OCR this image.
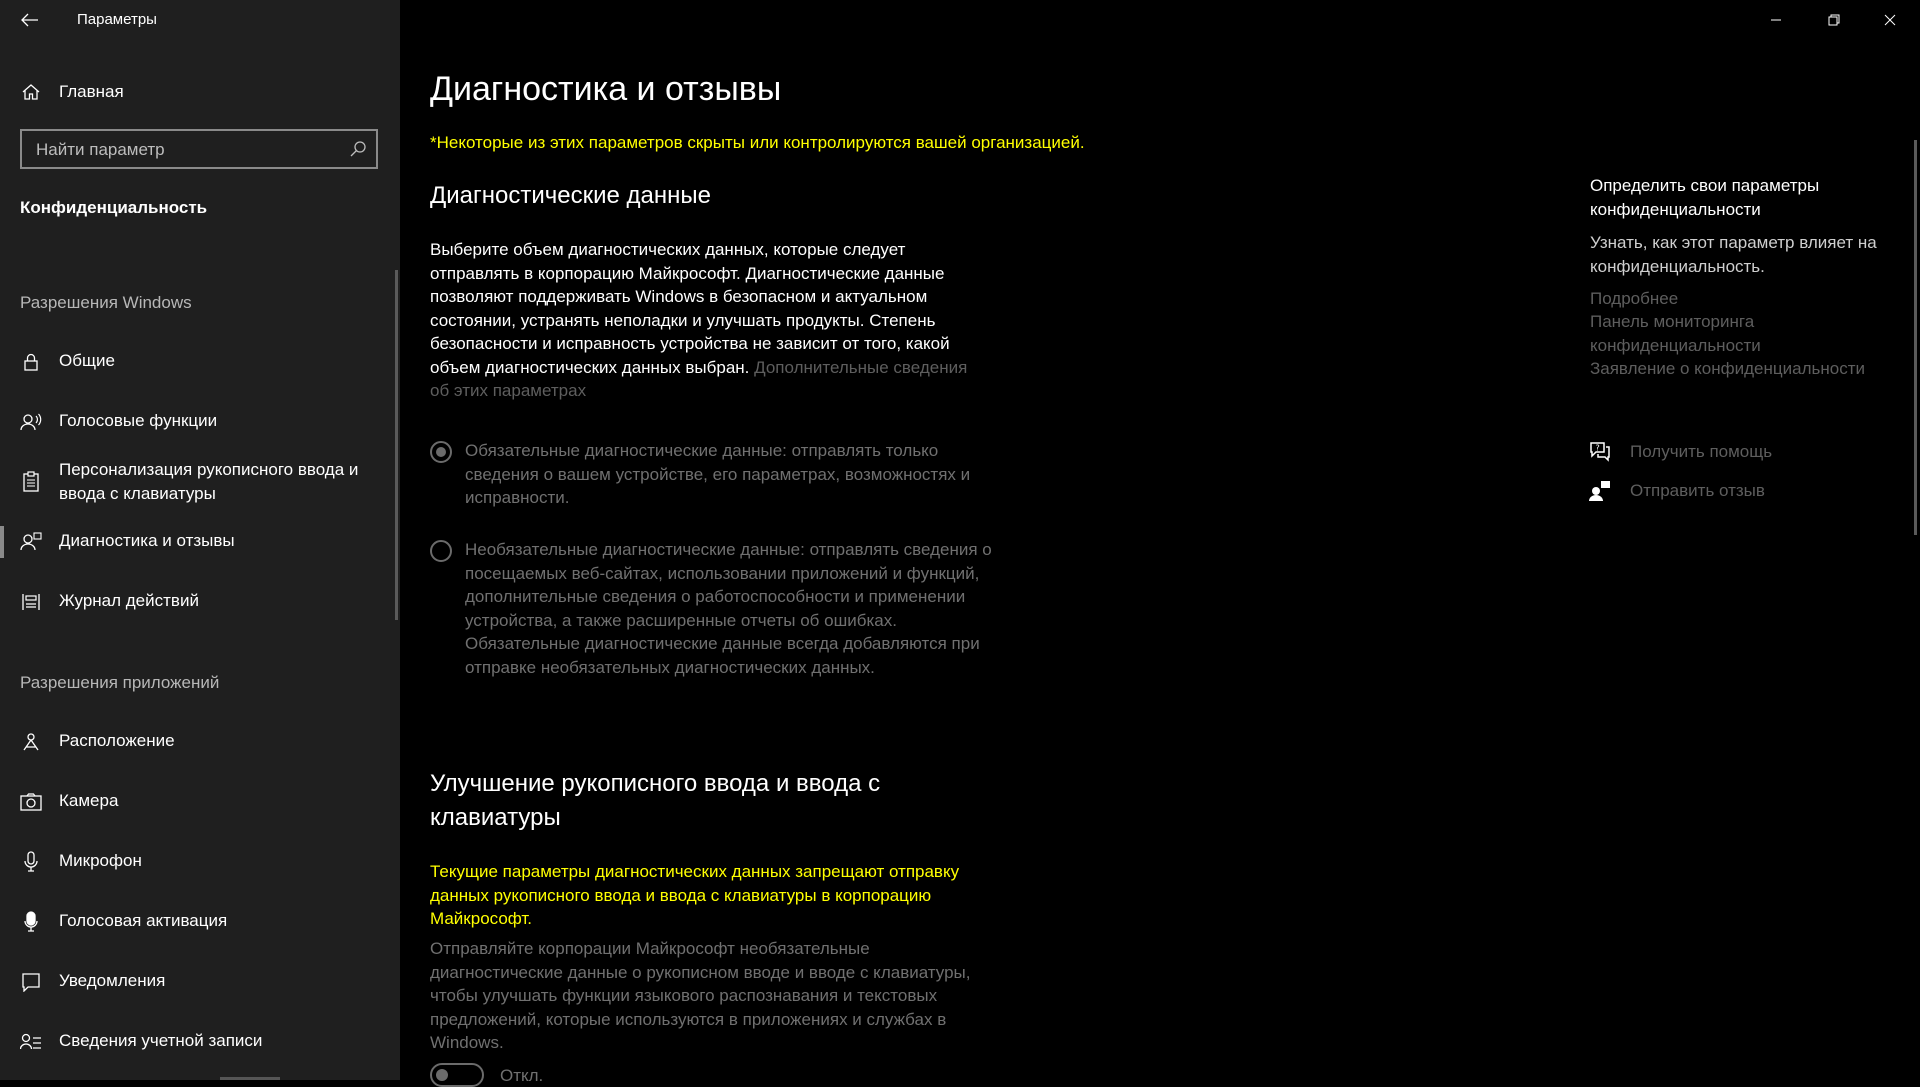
Параметры
Главная
Найти параметр
Конфиденциальность
Разрешения Windows
Общие
Голосовые функции
Персонализация рукописного ввода и ввода с клавиатуры
Диагностика и отзывы
Журнал действий
Разрешения приложений
Расположение
Камера
Микрофон
Голосовая активация
Уведомления
Сведения учетной записи
Диагностика и отзывы
*Некоторые из этих параметров скрыты или контролируются вашей организацией.
Диагностические данные
Выберите объем диагностических данных, которые следует отправлять в корпорацию Майкрософт. Диагностические данные позволяют поддерживать Windows в безопасном и актуальном состоянии, устранять неполадки и улучшать продукты. Степень безопасности и исправность устройства не зависит от того, какой объем диагностических данных выбран. Дополнительные сведения об этих параметрах
Обязательные диагностические данные: отправлять только сведения о вашем устройстве, его параметрах, возможностях и исправности.
Необязательные диагностические данные: отправлять сведения о посещаемых веб-сайтах, использовании приложений и функций, дополнительные сведения о работоспособности и применении устройства, а также расширенные отчеты об ошибках. Обязательные диагностические данные всегда добавляются при отправке необязательных диагностических данных.
Улучшение рукописного ввода и ввода с клавиатуры
Текущие параметры диагностических данных запрещают отправку данных рукописного ввода и ввода с клавиатуры в корпорацию Майкрософт.
Отправляйте корпорации Майкрософт необязательные диагностические данные о рукописном вводе и вводе с клавиатуры, чтобы улучшать функции языкового распознавания и текстовых предложений, которые используются в приложениях и службах в Windows.
Откл.
Определить свои параметры конфиденциальности
Узнать, как этот параметр влияет на конфиденциальность.
Подробнее
Панель мониторинга конфиденциальности
Заявление о конфиденциальности
? Получить помощь
Отправить отзыв
